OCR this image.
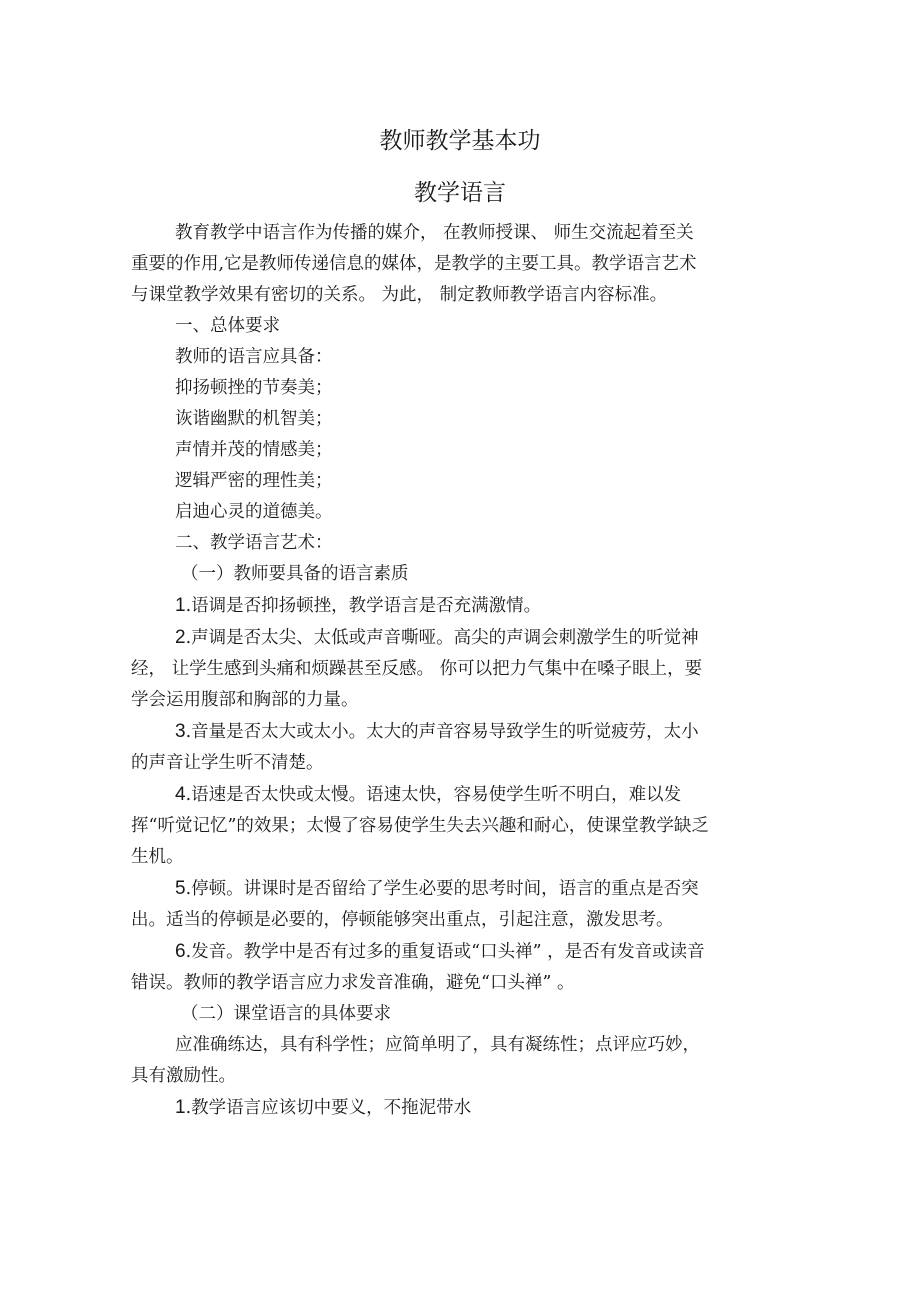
教师教学基本功
教学语言

教育教学中语言作为传播的媒介， 在教师授课、 师生交流起着至关重要的作用,它是教师传递信息的媒体，是教学的主要工具。教学语言艺术与课堂教学效果有密切的关系。 为此， 制定教师教学语言内容标准。

一、总体要求

教师的语言应具备：

抑扬顿挫的节奏美；

诙谐幽默的机智美；

声情并茂的情感美；

逻辑严密的理性美；

启迪心灵的道德美。

二、教学语言艺术：

（一）教师要具备的语言素质

1.语调是否抑扬顿挫，教学语言是否充满激情。

2.声调是否太尖、太低或声音嘶哑。高尖的声调会刺激学生的听觉神经， 让学生感到头痛和烦躁甚至反感。 你可以把力气集中在嗓子眼上，要学会运用腹部和胸部的力量。

3.音量是否太大或太小。太大的声音容易导致学生的听觉疲劳，太小的声音让学生听不清楚。

4.语速是否太快或太慢。语速太快，容易使学生听不明白，难以发挥“听觉记忆”的效果；太慢了容易使学生失去兴趣和耐心，使课堂教学缺乏生机。

5.停顿。讲课时是否留给了学生必要的思考时间，语言的重点是否突出。适当的停顿是必要的，停顿能够突出重点，引起注意，激发思考。

6.发音。教学中是否有过多的重复语或“口头禅” ，是否有发音或读音错误。教师的教学语言应力求发音准确，避免“口头禅” 。

（二）课堂语言的具体要求

应准确练达，具有科学性；应简单明了，具有凝练性；点评应巧妙，具有激励性。

1.教学语言应该切中要义，不拖泥带水
